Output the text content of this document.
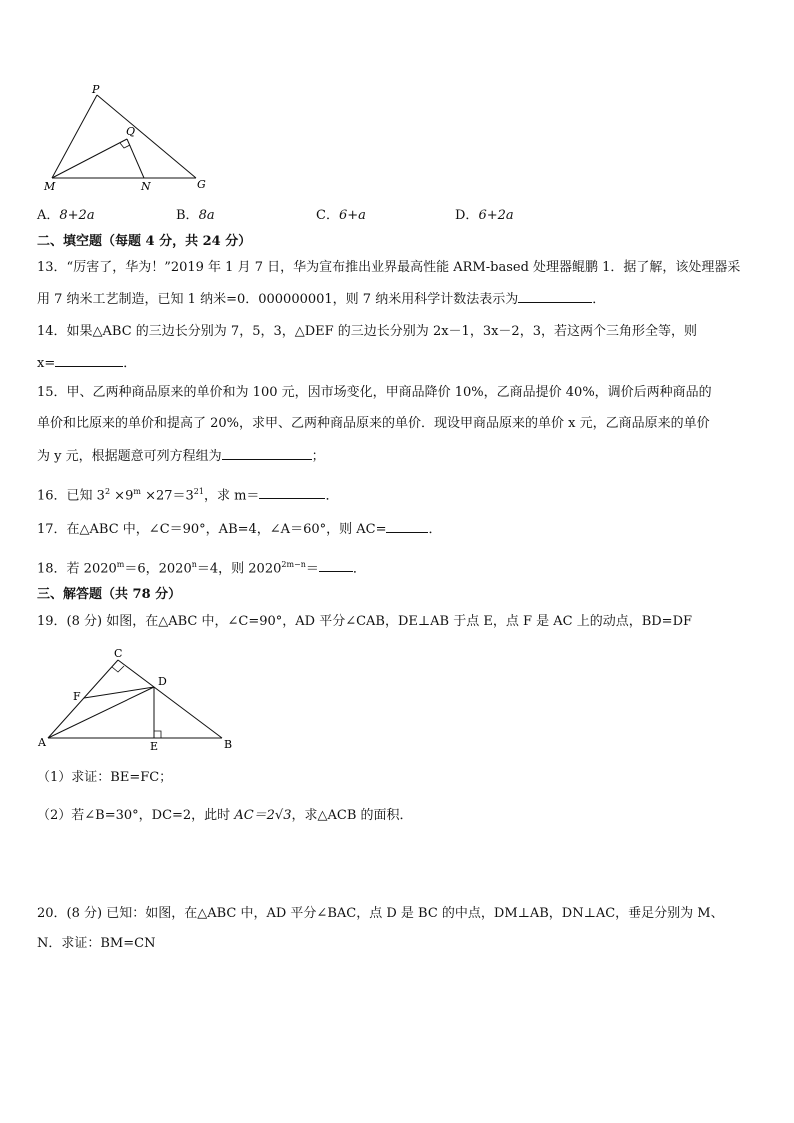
P
Q
M	N	G
A．8+2a	B．8a	C．6+a	D．6+2a
二、填空题（每题 4 分，共 24 分）
13．“厉害了，华为！”2019 年 1 月 7 日，华为宣布推出业界最高性能 ARM-based 处理器鲲鹏 1．据了解，该处理器采
用 7 纳米工艺制造，已知 1 纳米=0．000000001，则 7 纳米用科学计数法表示为	．
14．如果△ABC 的三边长分别为 7，5，3，△DEF 的三边长分别为 2x－1，3x－2，3，若这两个三角形全等，则
x=	．
15．甲、乙两种商品原来的单价和为 100 元，因市场变化，甲商品降价 10%，乙商品提价 40%，调价后两种商品的
单价和比原来的单价和提高了 20%，求甲、乙两种商品原来的单价．现设甲商品原来的单价 x 元，乙商品原来的单价
为 y 元，根据题意可列方程组为	；
16．已知 $3^2 \times 9^m \times 27=3^{21}$，求 m＝	．
17．在△ABC 中，∠C＝90°，AB=4，∠A＝60°，则 AC=	．
18．若 $2020^m=6$，$2020^n=4$，则 $2020^{2m-n}=$	．
三、解答题（共 78 分）
19．(8 分) 如图，在△ABC 中，∠C=90°，AD 平分∠CAB，DE⊥AB 于点 E，点 F 是 AC 上的动点，BD=DF
C
D
F
A	E	B
（1）求证：BE=FC；
（2）若∠B=30°，DC=2，此时 AC＝2√3，求△ACB 的面积．
20．(8 分) 已知：如图，在△ABC 中，AD 平分∠BAC，点 D 是 BC 的中点，DM⊥AB，DN⊥AC，垂足分别为 M、
N．求证：BM=CN
